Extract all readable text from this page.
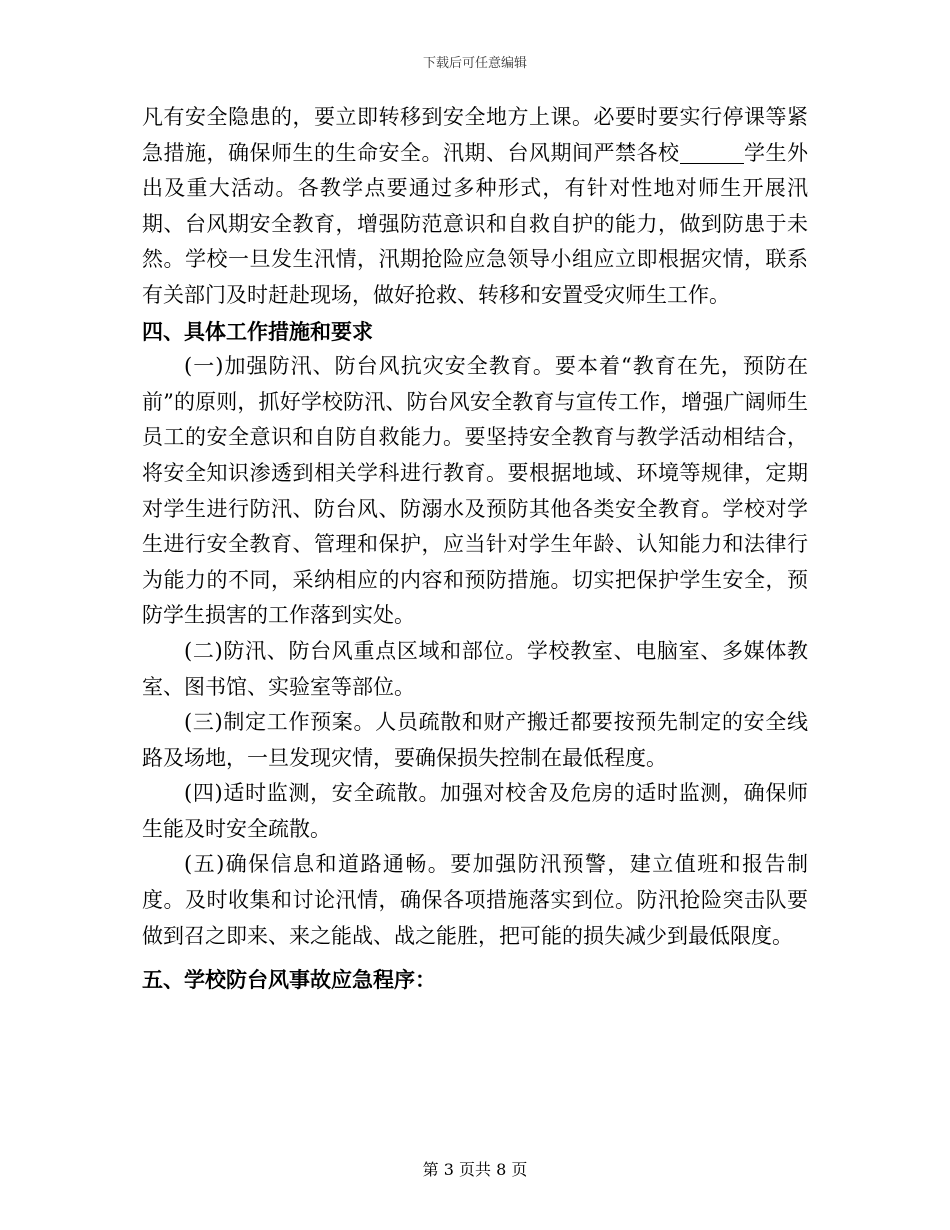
下载后可任意编辑

凡有安全隐患的，要立即转移到安全地方上课。必要时要实行停课等紧急措施，确保师生的生命安全。汛期、台风期间严禁各校	学生外出及重大活动。各教学点要通过多种形式，有针对性地对师生开展汛期、台风期安全教育，增强防范意识和自救自护的能力，做到防患于未然。学校一旦发生汛情，汛期抢险应急领导小组应立即根据灾情，联系有关部门及时赶赴现场，做好抢救、转移和安置受灾师生工作。

四、具体工作措施和要求

(一)加强防汛、防台风抗灾安全教育。要本着“教育在先，预防在前”的原则，抓好学校防汛、防台风安全教育与宣传工作，增强广阔师生员工的安全意识和自防自救能力。要坚持安全教育与教学活动相结合，将安全知识渗透到相关学科进行教育。要根据地域、环境等规律，定期对学生进行防汛、防台风、防溺水及预防其他各类安全教育。学校对学生进行安全教育、管理和保护，应当针对学生年龄、认知能力和法律行为能力的不同，采纳相应的内容和预防措施。切实把保护学生安全，预防学生损害的工作落到实处。

(二)防汛、防台风重点区域和部位。学校教室、电脑室、多媒体教室、图书馆、实验室等部位。

(三)制定工作预案。人员疏散和财产搬迁都要按预先制定的安全线路及场地，一旦发现灾情，要确保损失控制在最低程度。

(四)适时监测，安全疏散。加强对校舍及危房的适时监测，确保师生能及时安全疏散。

(五)确保信息和道路通畅。要加强防汛预警，建立值班和报告制度。及时收集和讨论汛情，确保各项措施落实到位。防汛抢险突击队要做到召之即来、来之能战、战之能胜，把可能的损失减少到最低限度。

五、学校防台风事故应急程序：

第 3 页共 8 页
